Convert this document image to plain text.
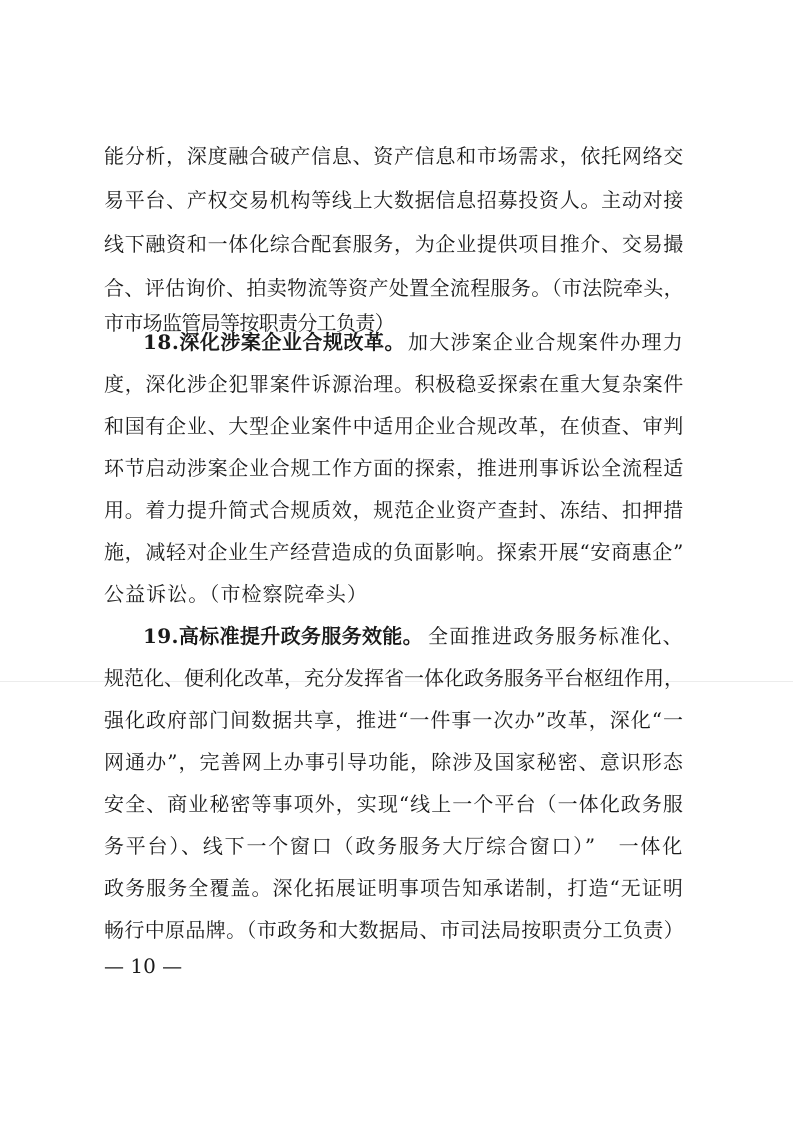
能分析，深度融合破产信息、资产信息和市场需求，依托网络交
易平台、产权交易机构等线上大数据信息招募投资人。主动对接
线下融资和一体化综合配套服务，为企业提供项目推介、交易撮
合、评估询价、拍卖物流等资产处置全流程服务。（市法院牵头，
市市场监管局等按职责分工负责）
18.深化涉案企业合规改革。 加大涉案企业合规案件办理力
度，深化涉企犯罪案件诉源治理。积极稳妥探索在重大复杂案件
和国有企业、大型企业案件中适用企业合规改革，在侦查、审判
环节启动涉案企业合规工作方面的探索，推进刑事诉讼全流程适
用。着力提升简式合规质效，规范企业资产查封、冻结、扣押措
施，减轻对企业生产经营造成的负面影响。探索开展“安商惠企”
公益诉讼。（市检察院牵头）
19.高标准提升政务服务效能。 全面推进政务服务标准化、
规范化、便利化改革，充分发挥省一体化政务服务平台枢纽作用，
强化政府部门间数据共享，推进“一件事一次办”改革，深化“一
网通办”，完善网上办事引导功能，除涉及国家秘密、意识形态
安全、商业秘密等事项外，实现“线上一个平台（一体化政务服
务平台）、线下一个窗口（政务服务大厅综合窗口）”　一体化
政务服务全覆盖。深化拓展证明事项告知承诺制，打造“无证明
畅行中原品牌。（市政务和大数据局、市司法局按职责分工负责）
— 10 —
